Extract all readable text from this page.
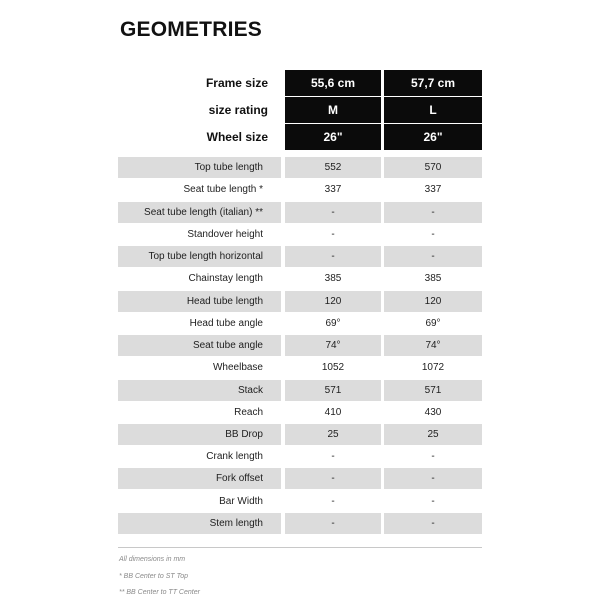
GEOMETRIES
Frame size	55,6 cm	57,7 cm
size rating	M	L
Wheel size	26"	26"
Top tube length	552	570
Seat tube length *	337	337
Seat tube length (italian) **	-	-
Standover height	-	-
Top tube length horizontal	-	-
Chainstay length	385	385
Head tube length	120	120
Head tube angle	69°	69°
Seat tube angle	74°	74°
Wheelbase	1052	1072
Stack	571	571
Reach	410	430
BB Drop	25	25
Crank length	-	-
Fork offset	-	-
Bar Width	-	-
Stem length	-	-
All dimensions in mm
* BB Center to ST Top
** BB Center to TT Center
